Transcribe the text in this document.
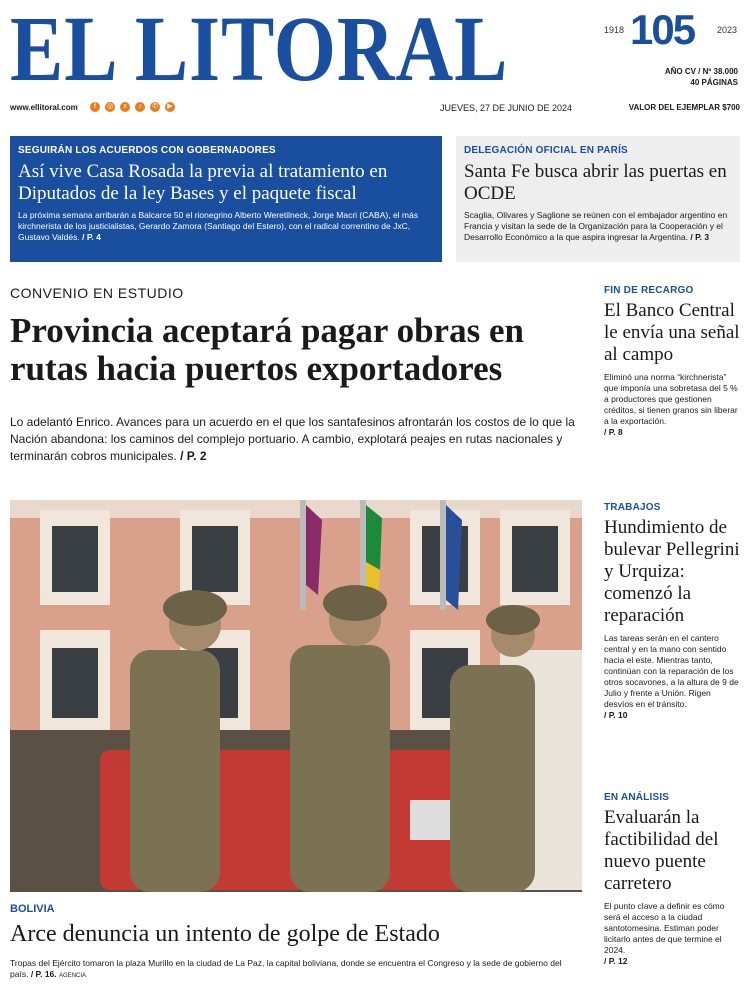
EL LITORAL	1918 105	2023
AÑO CV / Nº 38.000
40 PÁGINAS
www.ellitoral.com	f	◎	x	♪	✆	▶	JUEVES, 27 DE JUNIO DE 2024	VALOR DEL EJEMPLAR $700
SEGUIRÁN LOS ACUERDOS CON GOBERNADORES
Así vive Casa Rosada la previa al tratamiento en Diputados de la ley Bases y el paquete fiscal
La próxima semana arribarán a Balcarce 50 el rionegrino Alberto Weretilneck, Jorge Macri (CABA), el más kirchnerista de los justicialistas, Gerardo Zamora (Santiago del Estero), con el radical correntino de JxC, Gustavo Valdés. / P. 4
DELEGACIÓN OFICIAL EN PARÍS
Santa Fe busca abrir las puertas en OCDE
Scaglia, Olivares y Saglione se reúnen con el embajador argentino en Francia y visitan la sede de la Organización para la Cooperación y el Desarrollo Económico a la que aspira ingresar la Argentina. / P. 3
CONVENIO EN ESTUDIO
Provincia aceptará pagar obras en rutas hacia puertos exportadores
Lo adelantó Enrico. Avances para un acuerdo en el que los santafesinos afrontarán los costos de lo que la Nación abandona: los caminos del complejo portuario. A cambio, explotará peajes en rutas nacionales y terminarán cobros municipales. / P. 2
BOLIVIA
Arce denuncia un intento de golpe de Estado
Tropas del Ejército tomaron la plaza Murillo en la ciudad de La Paz, la capital boliviana, donde se encuentra el Congreso y la sede de gobierno del país. / P. 16. AGENCIA
FIN DE RECARGO
El Banco Central le envía una señal al campo
Eliminó una norma “kirchnerista” que imponía una sobretasa del 5 % a productores que gestionen créditos, si tienen granos sin liberar a la exportación.
/ P. 8
TRABAJOS
Hundimiento de bulevar Pellegrini y Urquiza: comenzó la reparación
Las tareas serán en el cantero central y en la mano con sentido hacia el este. Mientras tanto, continúan con la reparación de los otros socavones, a la altura de 9 de Julio y frente a Unión. Rigen desvíos en el tránsito.
/ P. 10
EN ANÁLISIS
Evaluarán la factibilidad del nuevo puente carretero
El punto clave a definir es cómo será el acceso a la ciudad santotomesina. Estiman poder licitarlo antes de que termine el 2024.
/ P. 12
